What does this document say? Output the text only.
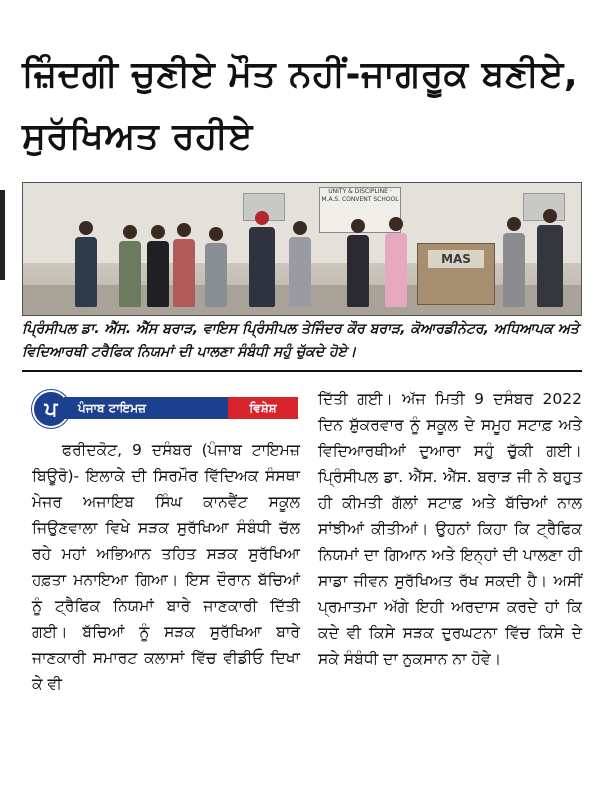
ਜ਼ਿੰਦਗੀ ਚੁਣੀਏ ਮੌਤ ਨਹੀਂ-ਜਾਗਰੂਕ ਬਣੀਏ, ਸੁਰੱਖਿਅਤ ਰਹੀਏ
UNITY & DISCIPLINE · M.A.S. CONVENT SCHOOL
MAS
ਪ੍ਰਿੰਸੀਪਲ ਡਾ. ਐੱਸ. ਐੱਸ ਬਰਾੜ, ਵਾਇਸ ਪ੍ਰਿੰਸੀਪਲ ਤੇਜਿੰਦਰ ਕੌਰ ਬਰਾੜ, ਕੋਆਰਡੀਨੇਟਰ, ਅਧਿਆਪਕ ਅਤੇ ਵਿਦਿਆਰਥੀ ਟਰੈਫਿਕ ਨਿਯਮਾਂ ਦੀ ਪਾਲਣਾ ਸੰਬੰਧੀ ਸਹੁੰ ਚੁੱਕਦੇ ਹੋਏ।
ਪ	ਪੰਜਾਬ ਟਾਇਮਜ਼	ਵਿਸ਼ੇਸ਼
ਫਰੀਦਕੋਟ, 9 ਦਸੰਬਰ (ਪੰਜਾਬ ਟਾਇਮਜ਼ ਬਿਊਰੋ)- ਇਲਾਕੇ ਦੀ ਸਿਰਮੌਰ ਵਿੱਦਿਅਕ ਸੰਸਥਾ ਮੇਜਰ ਅਜਾਇਬ ਸਿੰਘ ਕਾਨਵੈਂਟ ਸਕੂਲ ਜਿਉਣਵਾਲਾ ਵਿਖੇ ਸੜਕ ਸੁਰੱਖਿਆ ਸੰਬੰਧੀ ਚੱਲ ਰਹੇ ਮਹਾਂ ਅਭਿਆਨ ਤਹਿਤ ਸੜਕ ਸੁਰੱਖਿਆ ਹਫ਼ਤਾ ਮਨਾਇਆ ਗਿਆ। ਇਸ ਦੌਰਾਨ ਬੱਚਿਆਂ ਨੂੰ ਟ੍ਰੈਫਿਕ ਨਿਯਮਾਂ ਬਾਰੇ ਜਾਣਕਾਰੀ ਦਿੱਤੀ ਗਈ। ਬੱਚਿਆਂ ਨੂੰ ਸੜਕ ਸੁਰੱਖਿਆ ਬਾਰੇ ਜਾਣਕਾਰੀ ਸਮਾਰਟ ਕਲਾਸਾਂ ਵਿੱਚ ਵੀਡੀਓ ਦਿਖਾ ਕੇ ਵੀ
ਦਿੱਤੀ ਗਈ। ਅੱਜ ਮਿਤੀ 9 ਦਸੰਬਰ 2022 ਦਿਨ ਸ਼ੁੱਕਰਵਾਰ ਨੂੰ ਸਕੂਲ ਦੇ ਸਮੂਹ ਸਟਾਫ਼ ਅਤੇ ਵਿਦਿਆਰਥੀਆਂ ਦੁਆਰਾ ਸਹੁੰ ਚੁੱਕੀ ਗਈ। ਪ੍ਰਿੰਸੀਪਲ ਡਾ. ਐੱਸ. ਐੱਸ. ਬਰਾੜ ਜੀ ਨੇ ਬਹੁਤ ਹੀ ਕੀਮਤੀ ਗੱਲਾਂ ਸਟਾਫ਼ ਅਤੇ ਬੱਚਿਆਂ ਨਾਲ ਸਾਂਝੀਆਂ ਕੀਤੀਆਂ। ਉਹਨਾਂ ਕਿਹਾ ਕਿ ਟ੍ਰੈਫਿਕ ਨਿਯਮਾਂ ਦਾ ਗਿਆਨ ਅਤੇ ਇਨ੍ਹਾਂ ਦੀ ਪਾਲਣਾ ਹੀ ਸਾਡਾ ਜੀਵਨ ਸੁਰੱਖਿਅਤ ਰੱਖ ਸਕਦੀ ਹੈ। ਅਸੀਂ ਪ੍ਰਮਾਤਮਾ ਅੱਗੇ ਇਹੀ ਅਰਦਾਸ ਕਰਦੇ ਹਾਂ ਕਿ ਕਦੇ ਵੀ ਕਿਸੇ ਸੜਕ ਦੁਰਘਟਨਾ ਵਿੱਚ ਕਿਸੇ ਦੇ ਸਕੇ ਸੰਬੰਧੀ ਦਾ ਨੁਕਸਾਨ ਨਾ ਹੋਵੇ।
